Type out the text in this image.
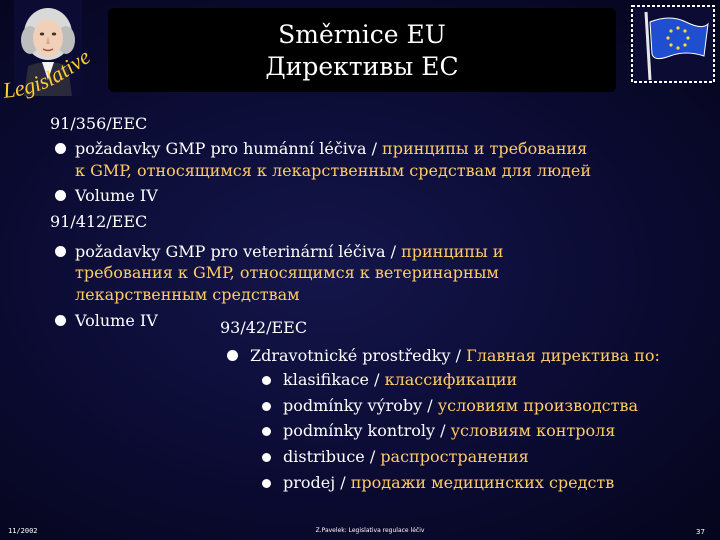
Legislative
Směrnice EU
Директивы ЕС
91/356/EEC
požadavky GMP pro humánní léčiva / принципы и требования
к GMP, относящимся к лекарственным средствам для людей
Volume IV
91/412/EEC
požadavky GMP pro veterinární léčiva / принципы и
требования к GMP, относящимся к ветеринарным
лекарственным средствам
Volume IV	93/42/EEC
Zdravotnické prostředky / Главная директива по:
klasifikace / классификации
podmínky výroby / условиям производства
podmínky kontroly / условиям контроля
distribuce / распространения
prodej / продажи медицинских средств
11/2002	Z.Pavelek: Legislativa regulace léčiv	37
